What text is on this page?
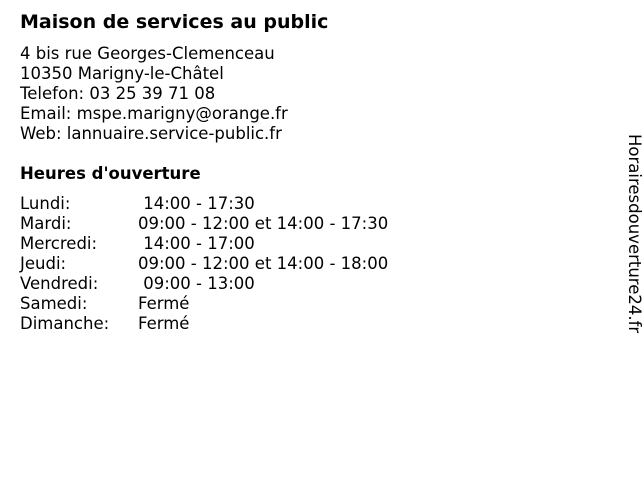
Maison de services au public
4 bis rue Georges-Clemenceau
10350 Marigny-le-Châtel
Telefon: 03 25 39 71 08
Email: mspe.marigny@orange.fr
Web: lannuaire.service-public.fr
Heures d'ouverture
Lundi:	14:00 - 17:30
Mardi:	09:00 - 12:00 et 14:00 - 17:30
Mercredi: 14:00 - 17:00
Jeudi:	09:00 - 12:00 et 14:00 - 18:00
Vendredi: 09:00 - 13:00
Samedi:	Fermé
Dimanche: Fermé	Horairesdouverture24.fr
